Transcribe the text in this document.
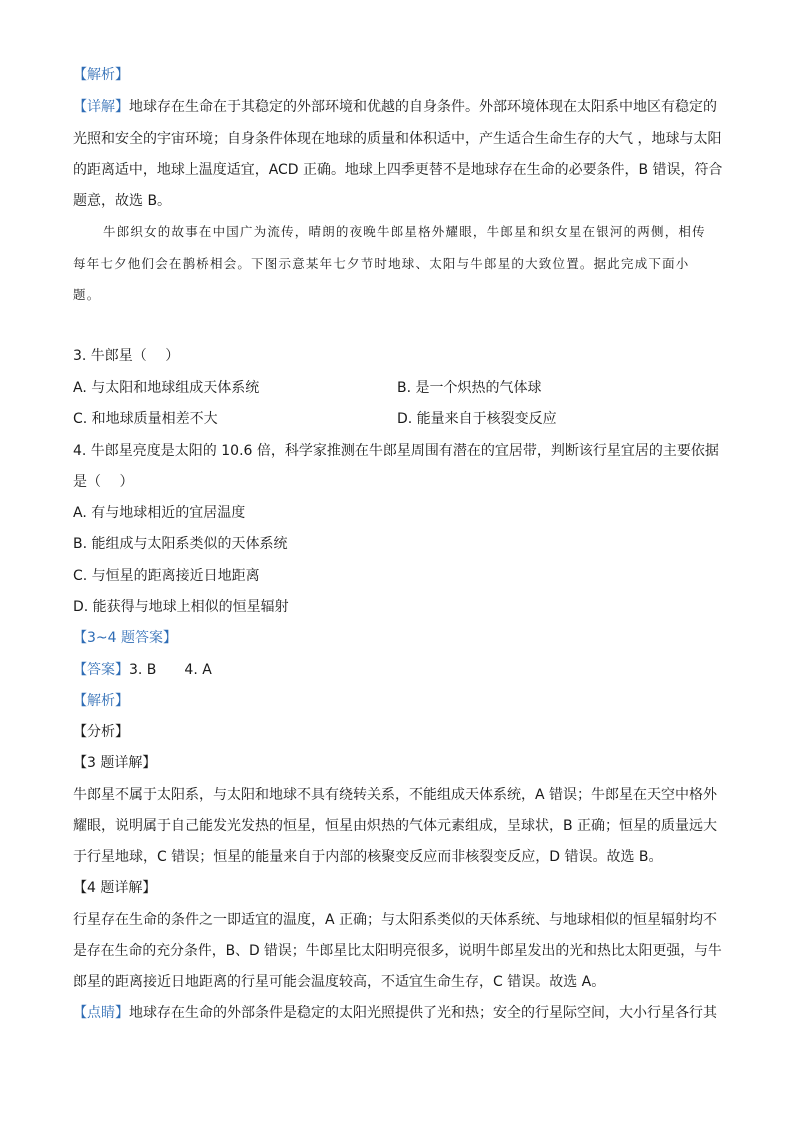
【解析】
【详解】地球存在生命在于其稳定的外部环境和优越的自身条件。外部环境体现在太阳系中地区有稳定的
光照和安全的宇宙环境；自身条件体现在地球的质量和体积适中，产生适合生命生存的大气 ，地球与太阳
的距离适中，地球上温度适宜，ACD 正确。地球上四季更替不是地球存在生命的必要条件，B 错误，符合
题意，故选 B。
牛郎织女的故事在中国广为流传，晴朗的夜晚牛郎星格外耀眼，牛郎星和织女星在银河的两侧，相传
每年七夕他们会在鹊桥相会。下图示意某年七夕节时地球、太阳与牛郎星的大致位置。据此完成下面小
题。
3. 牛郎星（　 ）
A. 与太阳和地球组成天体系统	B. 是一个炽热的气体球
C. 和地球质量相差不大	D. 能量来自于核裂变反应
4. 牛郎星亮度是太阳的 10.6 倍，科学家推测在牛郎星周围有潜在的宜居带，判断该行星宜居的主要依据
是（　 ）
A. 有与地球相近的宜居温度
B. 能组成与太阳系类似的天体系统
C. 与恒星的距离接近日地距离
D. 能获得与地球上相似的恒星辐射
【3~4 题答案】
【答案】3. B　　4. A
【解析】
【分析】
【3 题详解】
牛郎星不属于太阳系，与太阳和地球不具有绕转关系，不能组成天体系统，A 错误；牛郎星在天空中格外
耀眼，说明属于自己能发光发热的恒星，恒星由炽热的气体元素组成，呈球状，B 正确；恒星的质量远大
于行星地球，C 错误；恒星的能量来自于内部的核聚变反应而非核裂变反应，D 错误。故选 B。
【4 题详解】
行星存在生命的条件之一即适宜的温度，A 正确；与太阳系类似的天体系统、与地球相似的恒星辐射均不
是存在生命的充分条件，B、D 错误；牛郎星比太阳明亮很多，说明牛郎星发出的光和热比太阳更强，与牛
郎星的距离接近日地距离的行星可能会温度较高，不适宜生命生存，C 错误。故选 A。
【点睛】地球存在生命的外部条件是稳定的太阳光照提供了光和热；安全的行星际空间，大小行星各行其
